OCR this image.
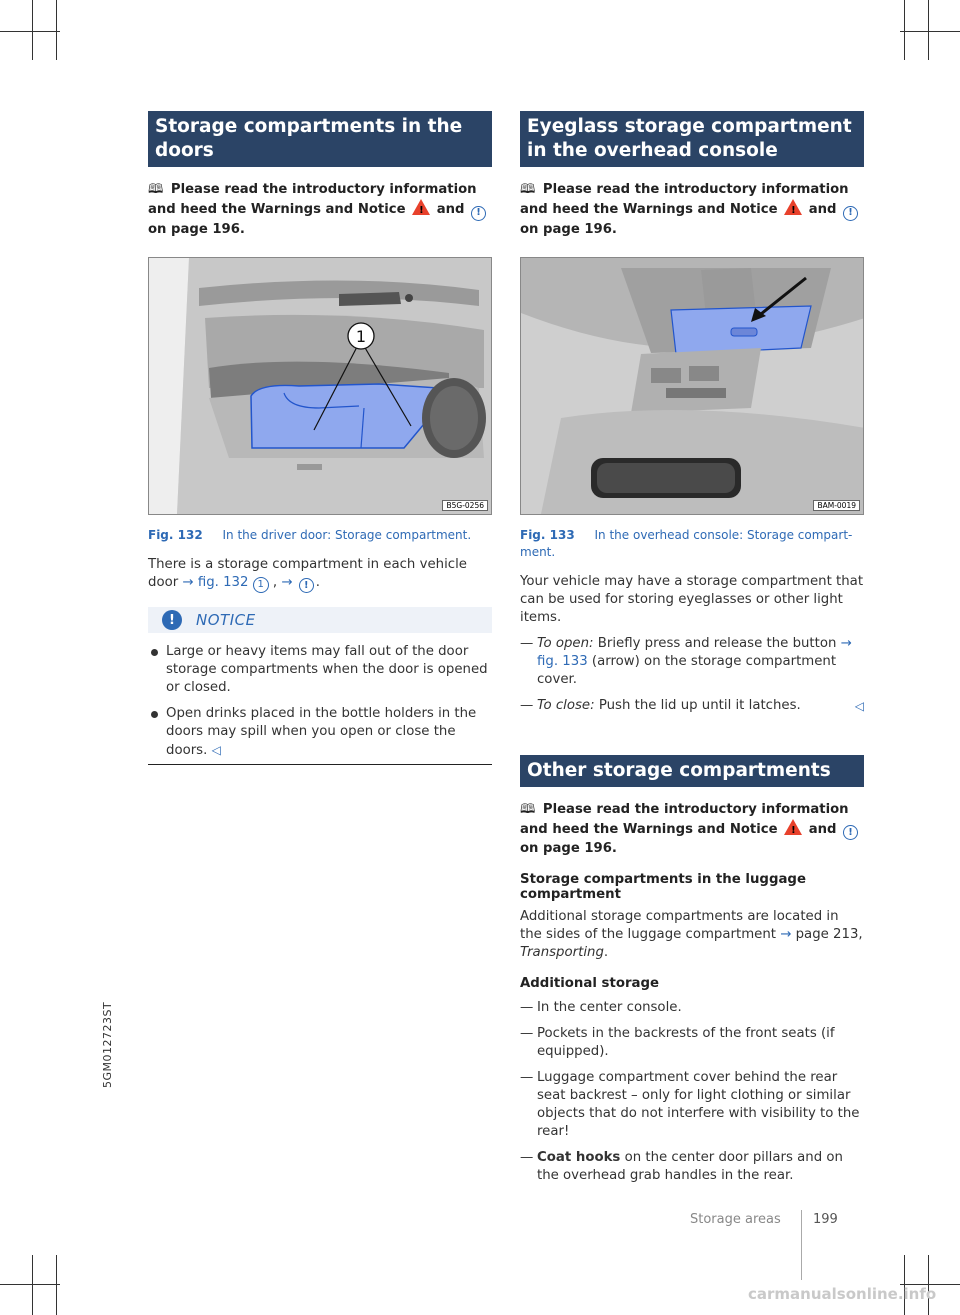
5GM012723ST
Storage compartments in the doors
🕮 Please read the introductory information and heed the Warnings and Notice ! and ! on page 196.
1
B5G-0256
Fig. 132 In the driver door: Storage compartment.
There is a storage compartment in each vehicle door → fig. 132 1 , → ! .
!	NOTICE
Large or heavy items may fall out of the door storage compartments when the door is opened or closed.
Open drinks placed in the bottle holders in the doors may spill when you open or close the doors. ◁
Eyeglass storage compartment in the overhead console
🕮 Please read the introductory information and heed the Warnings and Notice ! and ! on page 196.
BAM-0019
Fig. 133 In the overhead console: Storage compart-ment.
Your vehicle may have a storage compartment that can be used for storing eyeglasses or other light items.
— To open: Briefly press and release the button → fig. 133 (arrow) on the storage compartment cover.
— To close: Push the lid up until it latches.	◁
Other storage compartments
🕮 Please read the introductory information and heed the Warnings and Notice ! and ! on page 196.
Storage compartments in the luggage compartment
Additional storage compartments are located in the sides of the luggage compartment → page 213, Transporting.
Additional storage
— In the center console.
— Pockets in the backrests of the front seats (if equipped).
— Luggage compartment cover behind the rear seat backrest – only for light clothing or similar objects that do not interfere with visibility to the rear!
— Coat hooks on the center door pillars and on the overhead grab handles in the rear.
Storage areas 199
carmanualsonline.info
